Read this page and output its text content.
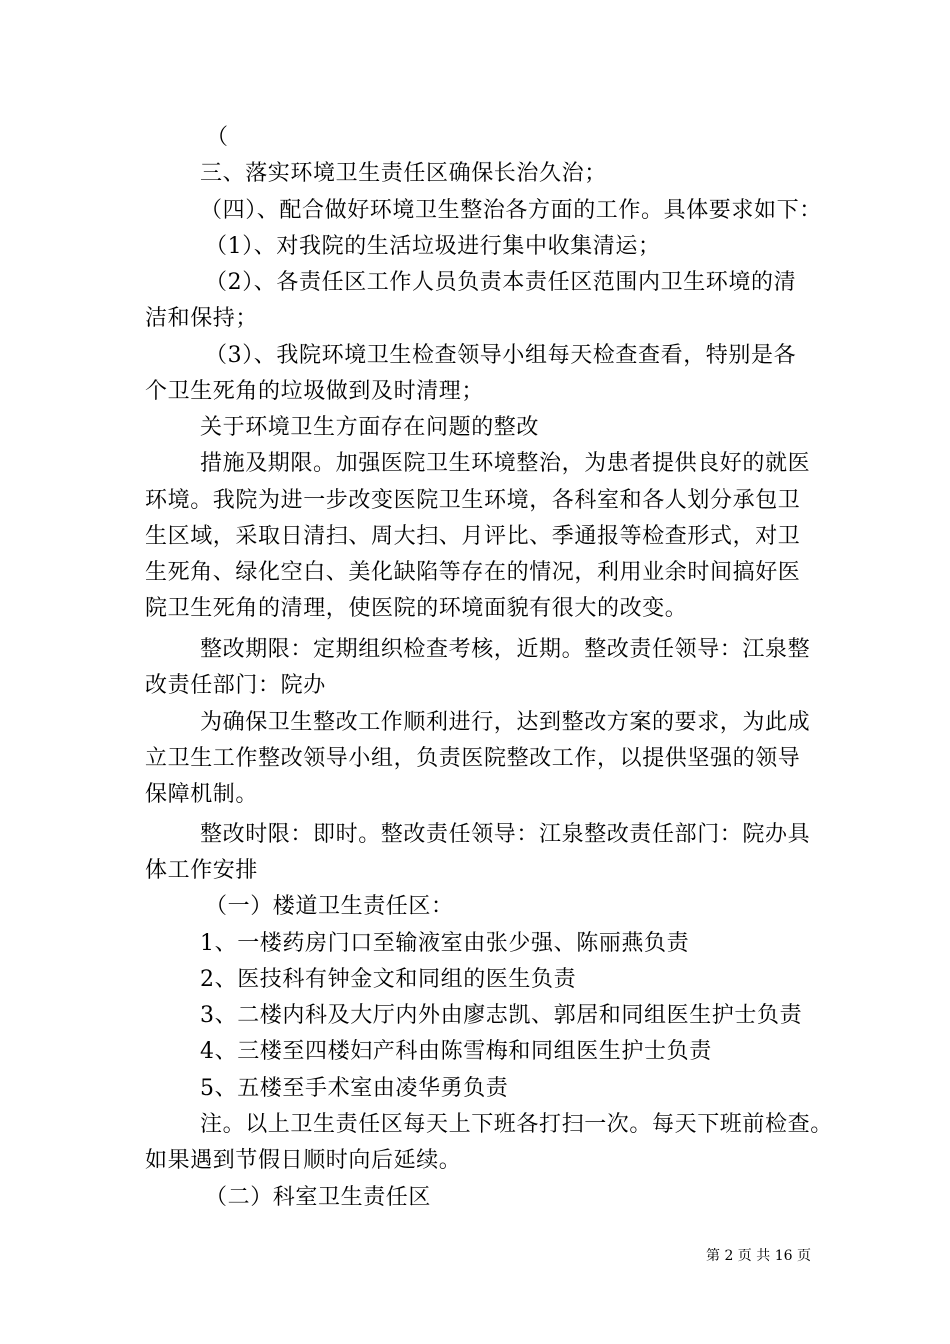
（
三、落实环境卫生责任区确保长治久治；
（四）、配合做好环境卫生整治各方面的工作。具体要求如下：
（1）、对我院的生活垃圾进行集中收集清运；
（2）、各责任区工作人员负责本责任区范围内卫生环境的清
洁和保持；
（3）、我院环境卫生检查领导小组每天检查查看，特别是各
个卫生死角的垃圾做到及时清理；
关于环境卫生方面存在问题的整改
措施及期限。加强医院卫生环境整治，为患者提供良好的就医
环境。我院为进一步改变医院卫生环境，各科室和各人划分承包卫
生区域，采取日清扫、周大扫、月评比、季通报等检查形式，对卫
生死角、绿化空白、美化缺陷等存在的情况，利用业余时间搞好医
院卫生死角的清理，使医院的环境面貌有很大的改变。
整改期限：定期组织检查考核，近期。整改责任领导：江泉整
改责任部门：院办
为确保卫生整改工作顺利进行，达到整改方案的要求，为此成
立卫生工作整改领导小组，负责医院整改工作，以提供坚强的领导
保障机制。
整改时限：即时。整改责任领导：江泉整改责任部门：院办具
体工作安排
（一）楼道卫生责任区：
1、一楼药房门口至输液室由张少强、陈丽燕负责
2、医技科有钟金文和同组的医生负责
3、二楼内科及大厅内外由廖志凯、郭居和同组医生护士负责
4、三楼至四楼妇产科由陈雪梅和同组医生护士负责
5、五楼至手术室由凌华勇负责
注。以上卫生责任区每天上下班各打扫一次。每天下班前检查。
如果遇到节假日顺时向后延续。
（二）科室卫生责任区
第 2 页 共 16 页
